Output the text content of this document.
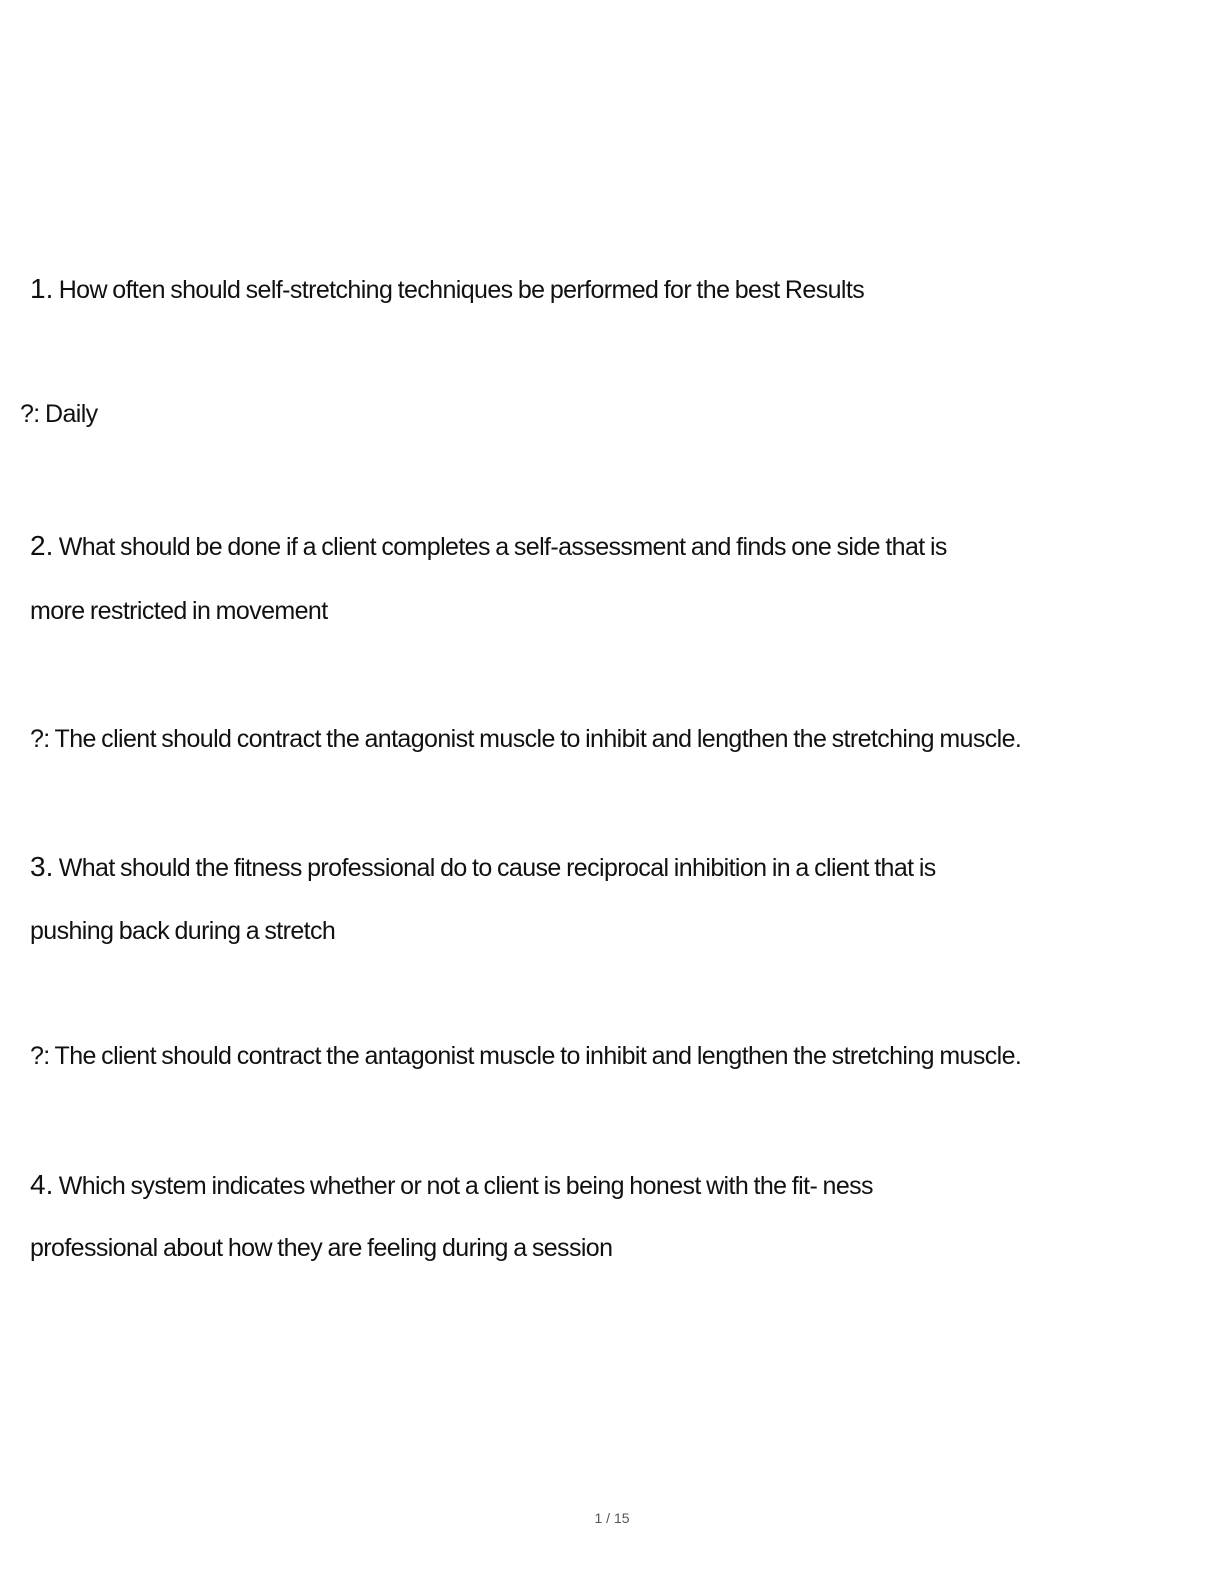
1. How often should self-stretching techniques be performed for the best Results
?: Daily
2. What should be done if a client completes a self-assessment and finds one side that is
more restricted in movement
?: The client should contract the antagonist muscle to inhibit and lengthen the stretching muscle.
3. What should the fitness professional do to cause reciprocal inhibition in a client that is
pushing back during a stretch
?: The client should contract the antagonist muscle to inhibit and lengthen the stretching muscle.
4. Which system indicates whether or not a client is being honest with the fit- ness
professional about how they are feeling during a session
1 / 15
